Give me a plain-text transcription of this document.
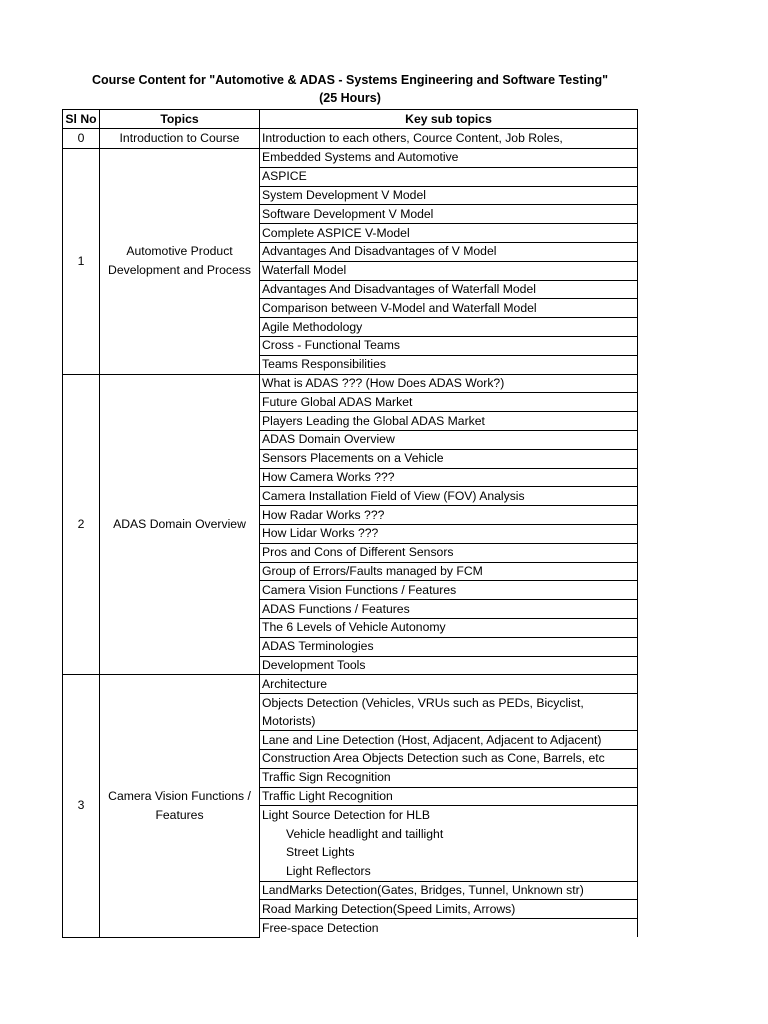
Course Content for "Automotive & ADAS - Systems Engineering and Software Testing"
(25 Hours)
Sl No	Topics	Key sub topics
0	Introduction to Course	Introduction to each others, Cource Content, Job Roles,
1	Automotive Product Development and Process	Embedded Systems and Automotive
		ASPICE
		System Development V Model
		Software Development V Model
		Complete ASPICE V-Model
		Advantages And Disadvantages of V Model
		Waterfall Model
		Advantages And Disadvantages of Waterfall Model
		Comparison between V-Model and Waterfall Model
		Agile Methodology
		Cross - Functional Teams
		Teams Responsibilities
2	ADAS Domain Overview	What is ADAS ??? (How Does ADAS Work?)
		Future Global ADAS Market
		Players Leading the Global ADAS Market
		ADAS Domain Overview
		Sensors Placements on a Vehicle
		How Camera Works ???
		Camera Installation Field of View (FOV) Analysis
		How Radar Works ???
		How Lidar Works ???
		Pros and Cons of Different Sensors
		Group of Errors/Faults managed by FCM
		Camera Vision Functions / Features
		ADAS Functions / Features
		The 6 Levels of Vehicle Autonomy
		ADAS Terminologies
		Development Tools
3	Camera Vision Functions / Features	Architecture
		Objects Detection (Vehicles, VRUs such as PEDs, Bicyclist, Motorists)
		Lane and Line Detection (Host, Adjacent, Adjacent to Adjacent)
		Construction Area Objects Detection such as Cone, Barrels, etc
		Traffic Sign Recognition
		Traffic Light Recognition
		Light Source Detection for HLB
Vehicle headlight and taillight
Street Lights
Light Reflectors

		LandMarks Detection(Gates, Bridges, Tunnel, Unknown str)
		Road Marking Detection(Speed Limits, Arrows)
		Free-space Detection
